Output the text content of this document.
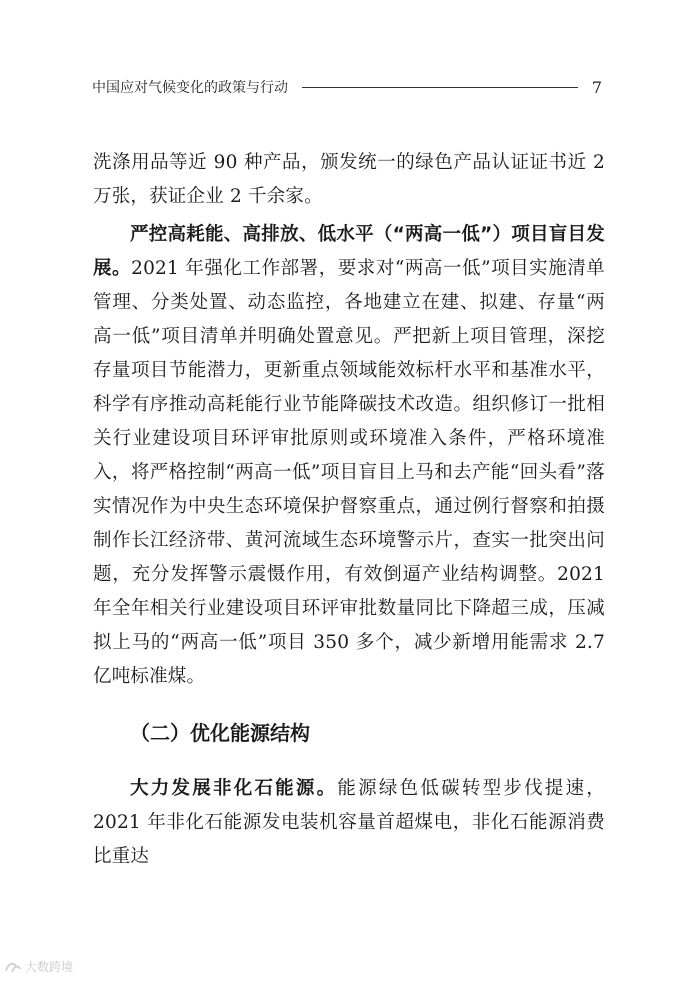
中国应对气候变化的政策与行动	7

洗涤用品等近 90 种产品，颁发统一的绿色产品认证证书近 2 万张，获证企业 2 千余家。

严控高耗能、高排放、低水平（“两高一低”）项目盲目发展。2021 年强化工作部署，要求对“两高一低”项目实施清单管理、分类处置、动态监控，各地建立在建、拟建、存量“两高一低”项目清单并明确处置意见。严把新上项目管理，深挖存量项目节能潜力，更新重点领域能效标杆水平和基准水平，科学有序推动高耗能行业节能降碳技术改造。组织修订一批相关行业建设项目环评审批原则或环境准入条件，严格环境准入，将严格控制“两高一低”项目盲目上马和去产能“回头看”落实情况作为中央生态环境保护督察重点，通过例行督察和拍摄制作长江经济带、黄河流域生态环境警示片，查实一批突出问题，充分发挥警示震慑作用，有效倒逼产业结构调整。2021 年全年相关行业建设项目环评审批数量同比下降超三成，压减拟上马的“两高一低”项目 350 多个，减少新增用能需求 2.7 亿吨标准煤。

（二）优化能源结构

大力发展非化石能源。能源绿色低碳转型步伐提速，2021 年非化石能源发电装机容量首超煤电，非化石能源消费比重达

大数跨境
